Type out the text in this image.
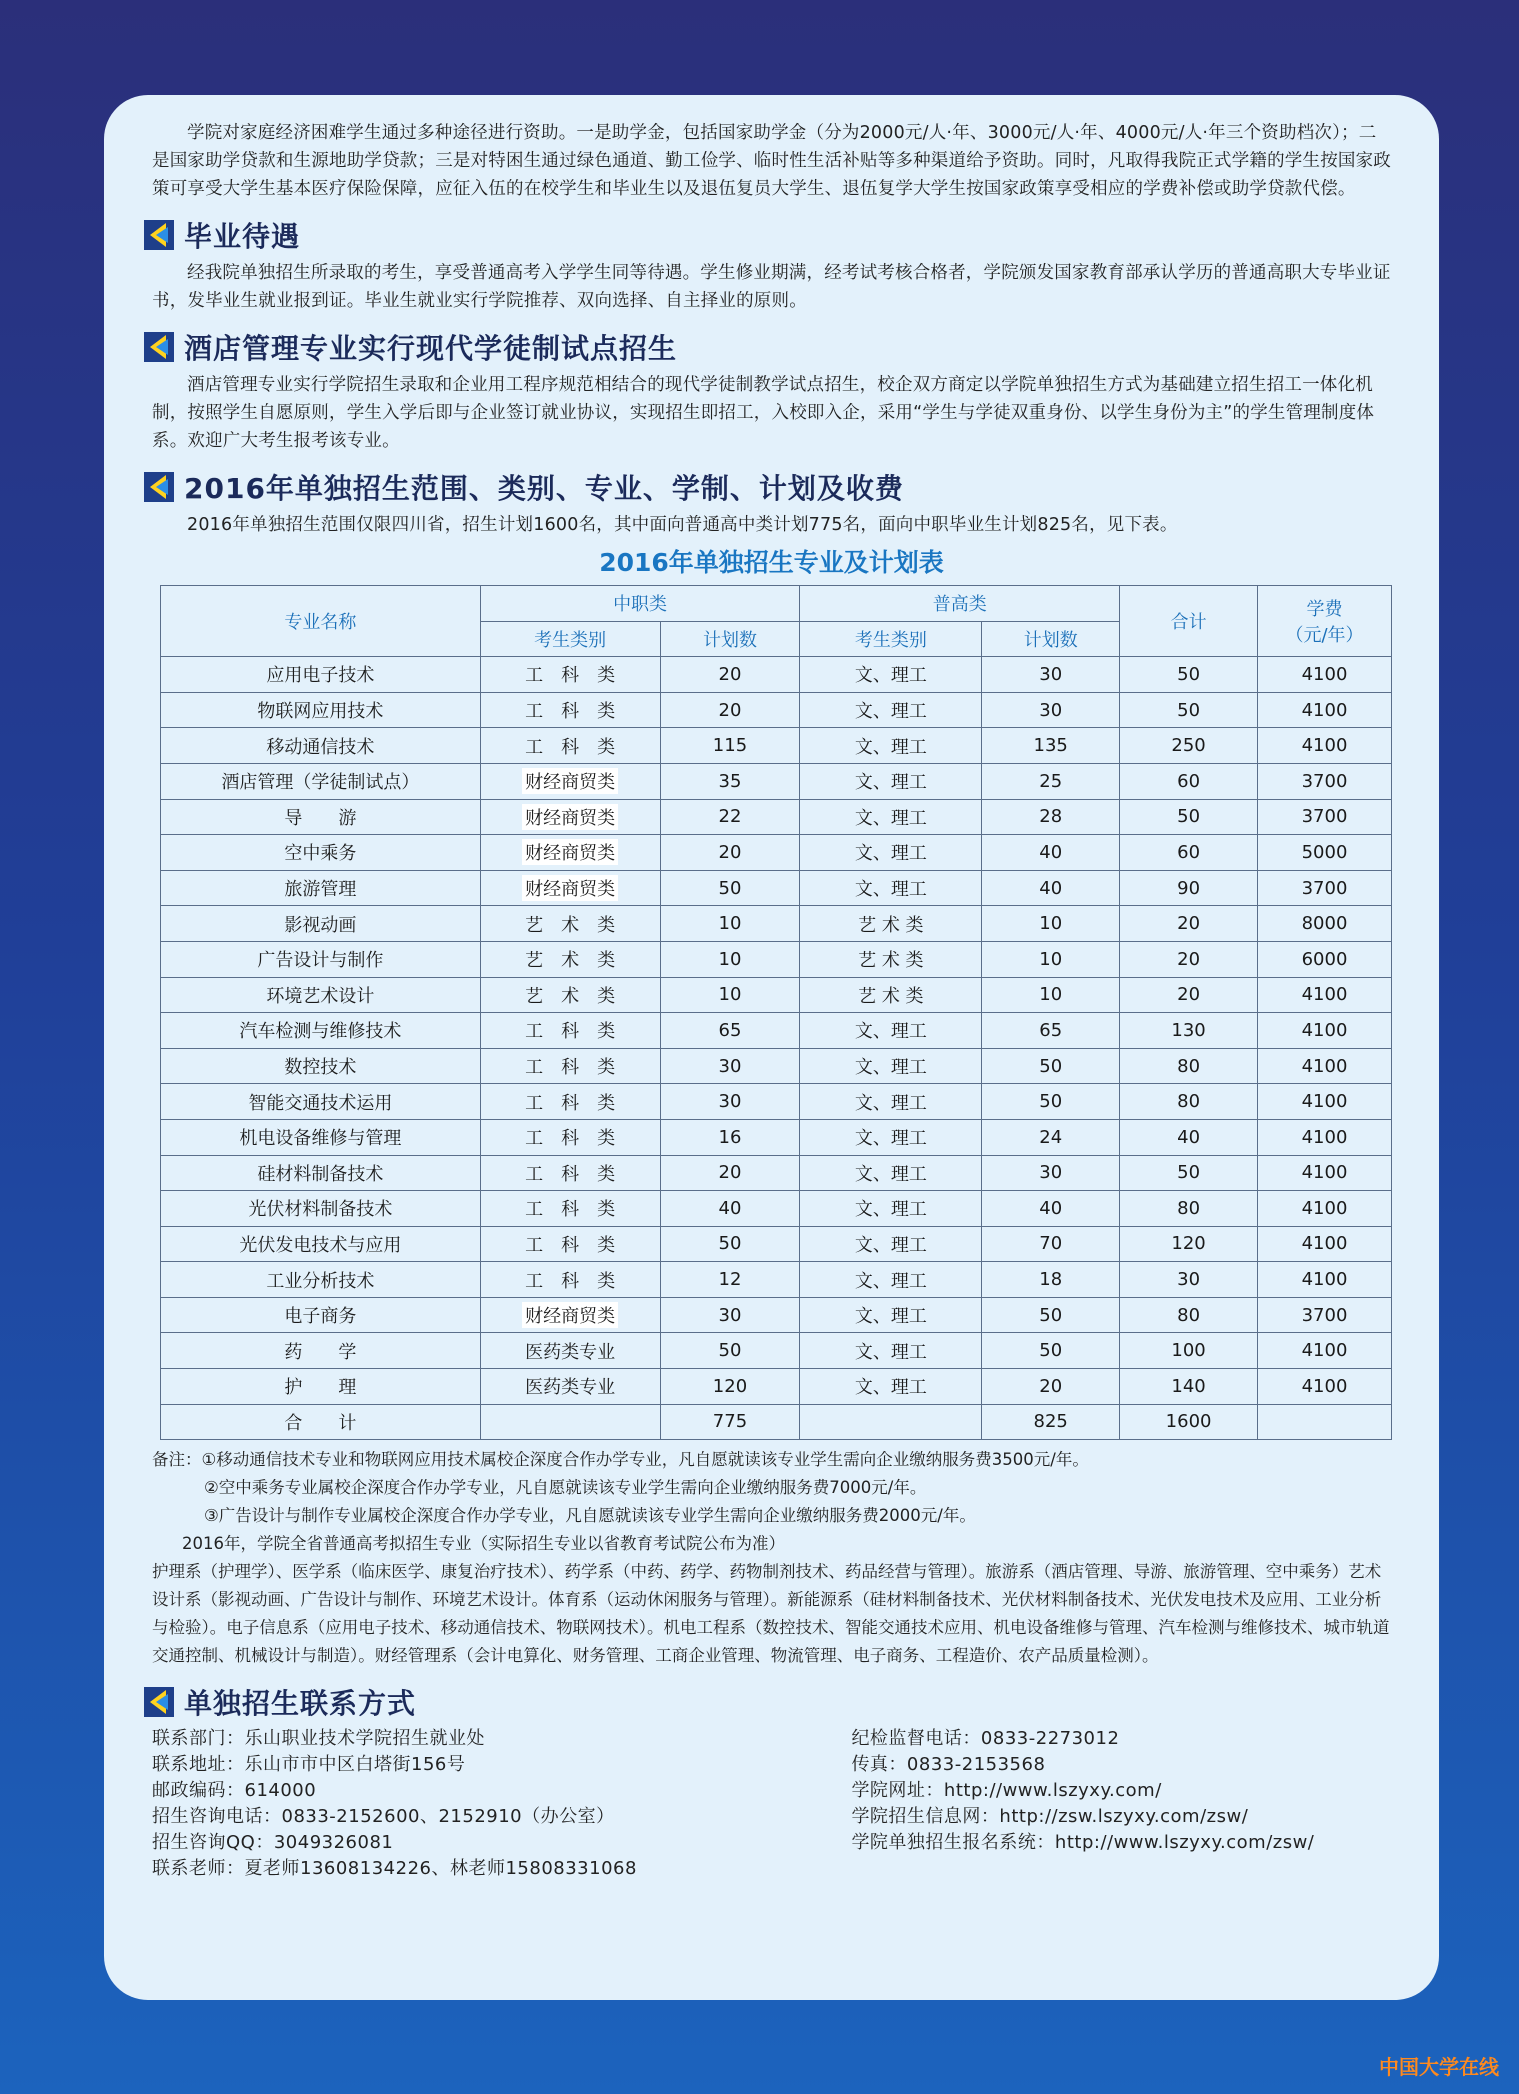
学院对家庭经济困难学生通过多种途径进行资助。一是助学金，包括国家助学金（分为2000元/人·年、3000元/人·年、4000元/人·年三个资助档次）；二是国家助学贷款和生源地助学贷款；三是对特困生通过绿色通道、勤工俭学、临时性生活补贴等多种渠道给予资助。同时，凡取得我院正式学籍的学生按国家政策可享受大学生基本医疗保险保障，应征入伍的在校学生和毕业生以及退伍复员大学生、退伍复学大学生按国家政策享受相应的学费补偿或助学贷款代偿。

毕业待遇

经我院单独招生所录取的考生，享受普通高考入学学生同等待遇。学生修业期满，经考试考核合格者，学院颁发国家教育部承认学历的普通高职大专毕业证书，发毕业生就业报到证。毕业生就业实行学院推荐、双向选择、自主择业的原则。

酒店管理专业实行现代学徒制试点招生

酒店管理专业实行学院招生录取和企业用工程序规范相结合的现代学徒制教学试点招生，校企双方商定以学院单独招生方式为基础建立招生招工一体化机制，按照学生自愿原则，学生入学后即与企业签订就业协议，实现招生即招工，入校即入企，采用“学生与学徒双重身份、以学生身份为主”的学生管理制度体系。欢迎广大考生报考该专业。

2016年单独招生范围、类别、专业、学制、计划及收费

2016年单独招生范围仅限四川省，招生计划1600名，其中面向普通高中类计划775名，面向中职毕业生计划825名，见下表。

2016年单独招生专业及计划表
专业名称	中职类		普高类		合计	学费
（元/年）
	考生类别	计划数	考生类别	计划数		
应用电子技术	工　科　类	20	文、理工	30	50	4100
物联网应用技术	工　科　类	20	文、理工	30	50	4100
移动通信技术	工　科　类	115	文、理工	135	250	4100
酒店管理（学徒制试点）	财经商贸类	35	文、理工	25	60	3700
导　　游	财经商贸类	22	文、理工	28	50	3700
空中乘务	财经商贸类	20	文、理工	40	60	5000
旅游管理	财经商贸类	50	文、理工	40	90	3700
影视动画	艺　术　类	10	艺 术 类	10	20	8000
广告设计与制作	艺　术　类	10	艺 术 类	10	20	6000
环境艺术设计	艺　术　类	10	艺 术 类	10	20	4100
汽车检测与维修技术	工　科　类	65	文、理工	65	130	4100
数控技术	工　科　类	30	文、理工	50	80	4100
智能交通技术运用	工　科　类	30	文、理工	50	80	4100
机电设备维修与管理	工　科　类	16	文、理工	24	40	4100
硅材料制备技术	工　科　类	20	文、理工	30	50	4100
光伏材料制备技术	工　科　类	40	文、理工	40	80	4100
光伏发电技术与应用	工　科　类	50	文、理工	70	120	4100
工业分析技术	工　科　类	12	文、理工	18	30	4100
电子商务	财经商贸类	30	文、理工	50	80	3700
药　　学	医药类专业	50	文、理工	50	100	4100
护　　理	医药类专业	120	文、理工	20	140	4100
合　　计		775		825	1600	
备注：①移动通信技术专业和物联网应用技术属校企深度合作办学专业，凡自愿就读该专业学生需向企业缴纳服务费3500元/年。
②空中乘务专业属校企深度合作办学专业，凡自愿就读该专业学生需向企业缴纳服务费7000元/年。
③广告设计与制作专业属校企深度合作办学专业，凡自愿就读该专业学生需向企业缴纳服务费2000元/年。
2016年，学院全省普通高考拟招生专业（实际招生专业以省教育考试院公布为准）
护理系（护理学）、医学系（临床医学、康复治疗技术）、药学系（中药、药学、药物制剂技术、药品经营与管理）。旅游系（酒店管理、导游、旅游管理、空中乘务）艺术设计系（影视动画、广告设计与制作、环境艺术设计。体育系（运动休闲服务与管理）。新能源系（硅材料制备技术、光伏材料制备技术、光伏发电技术及应用、工业分析与检验）。电子信息系（应用电子技术、移动通信技术、物联网技术）。机电工程系（数控技术、智能交通技术应用、机电设备维修与管理、汽车检测与维修技术、城市轨道交通控制、机械设计与制造）。财经管理系（会计电算化、财务管理、工商企业管理、物流管理、电子商务、工程造价、农产品质量检测）。
单独招生联系方式
联系部门：乐山职业技术学院招生就业处
联系地址：乐山市市中区白塔街156号
邮政编码：614000
招生咨询电话：0833-2152600、2152910（办公室）
招生咨询QQ：3049326081
联系老师：夏老师13608134226、林老师15808331068
纪检监督电话：0833-2273012
传真：0833-2153568
学院网址：http://www.lszyxy.com/
学院招生信息网：http://zsw.lszyxy.com/zsw/
学院单独招生报名系统：http://www.lszyxy.com/zsw/
中国大学在线
